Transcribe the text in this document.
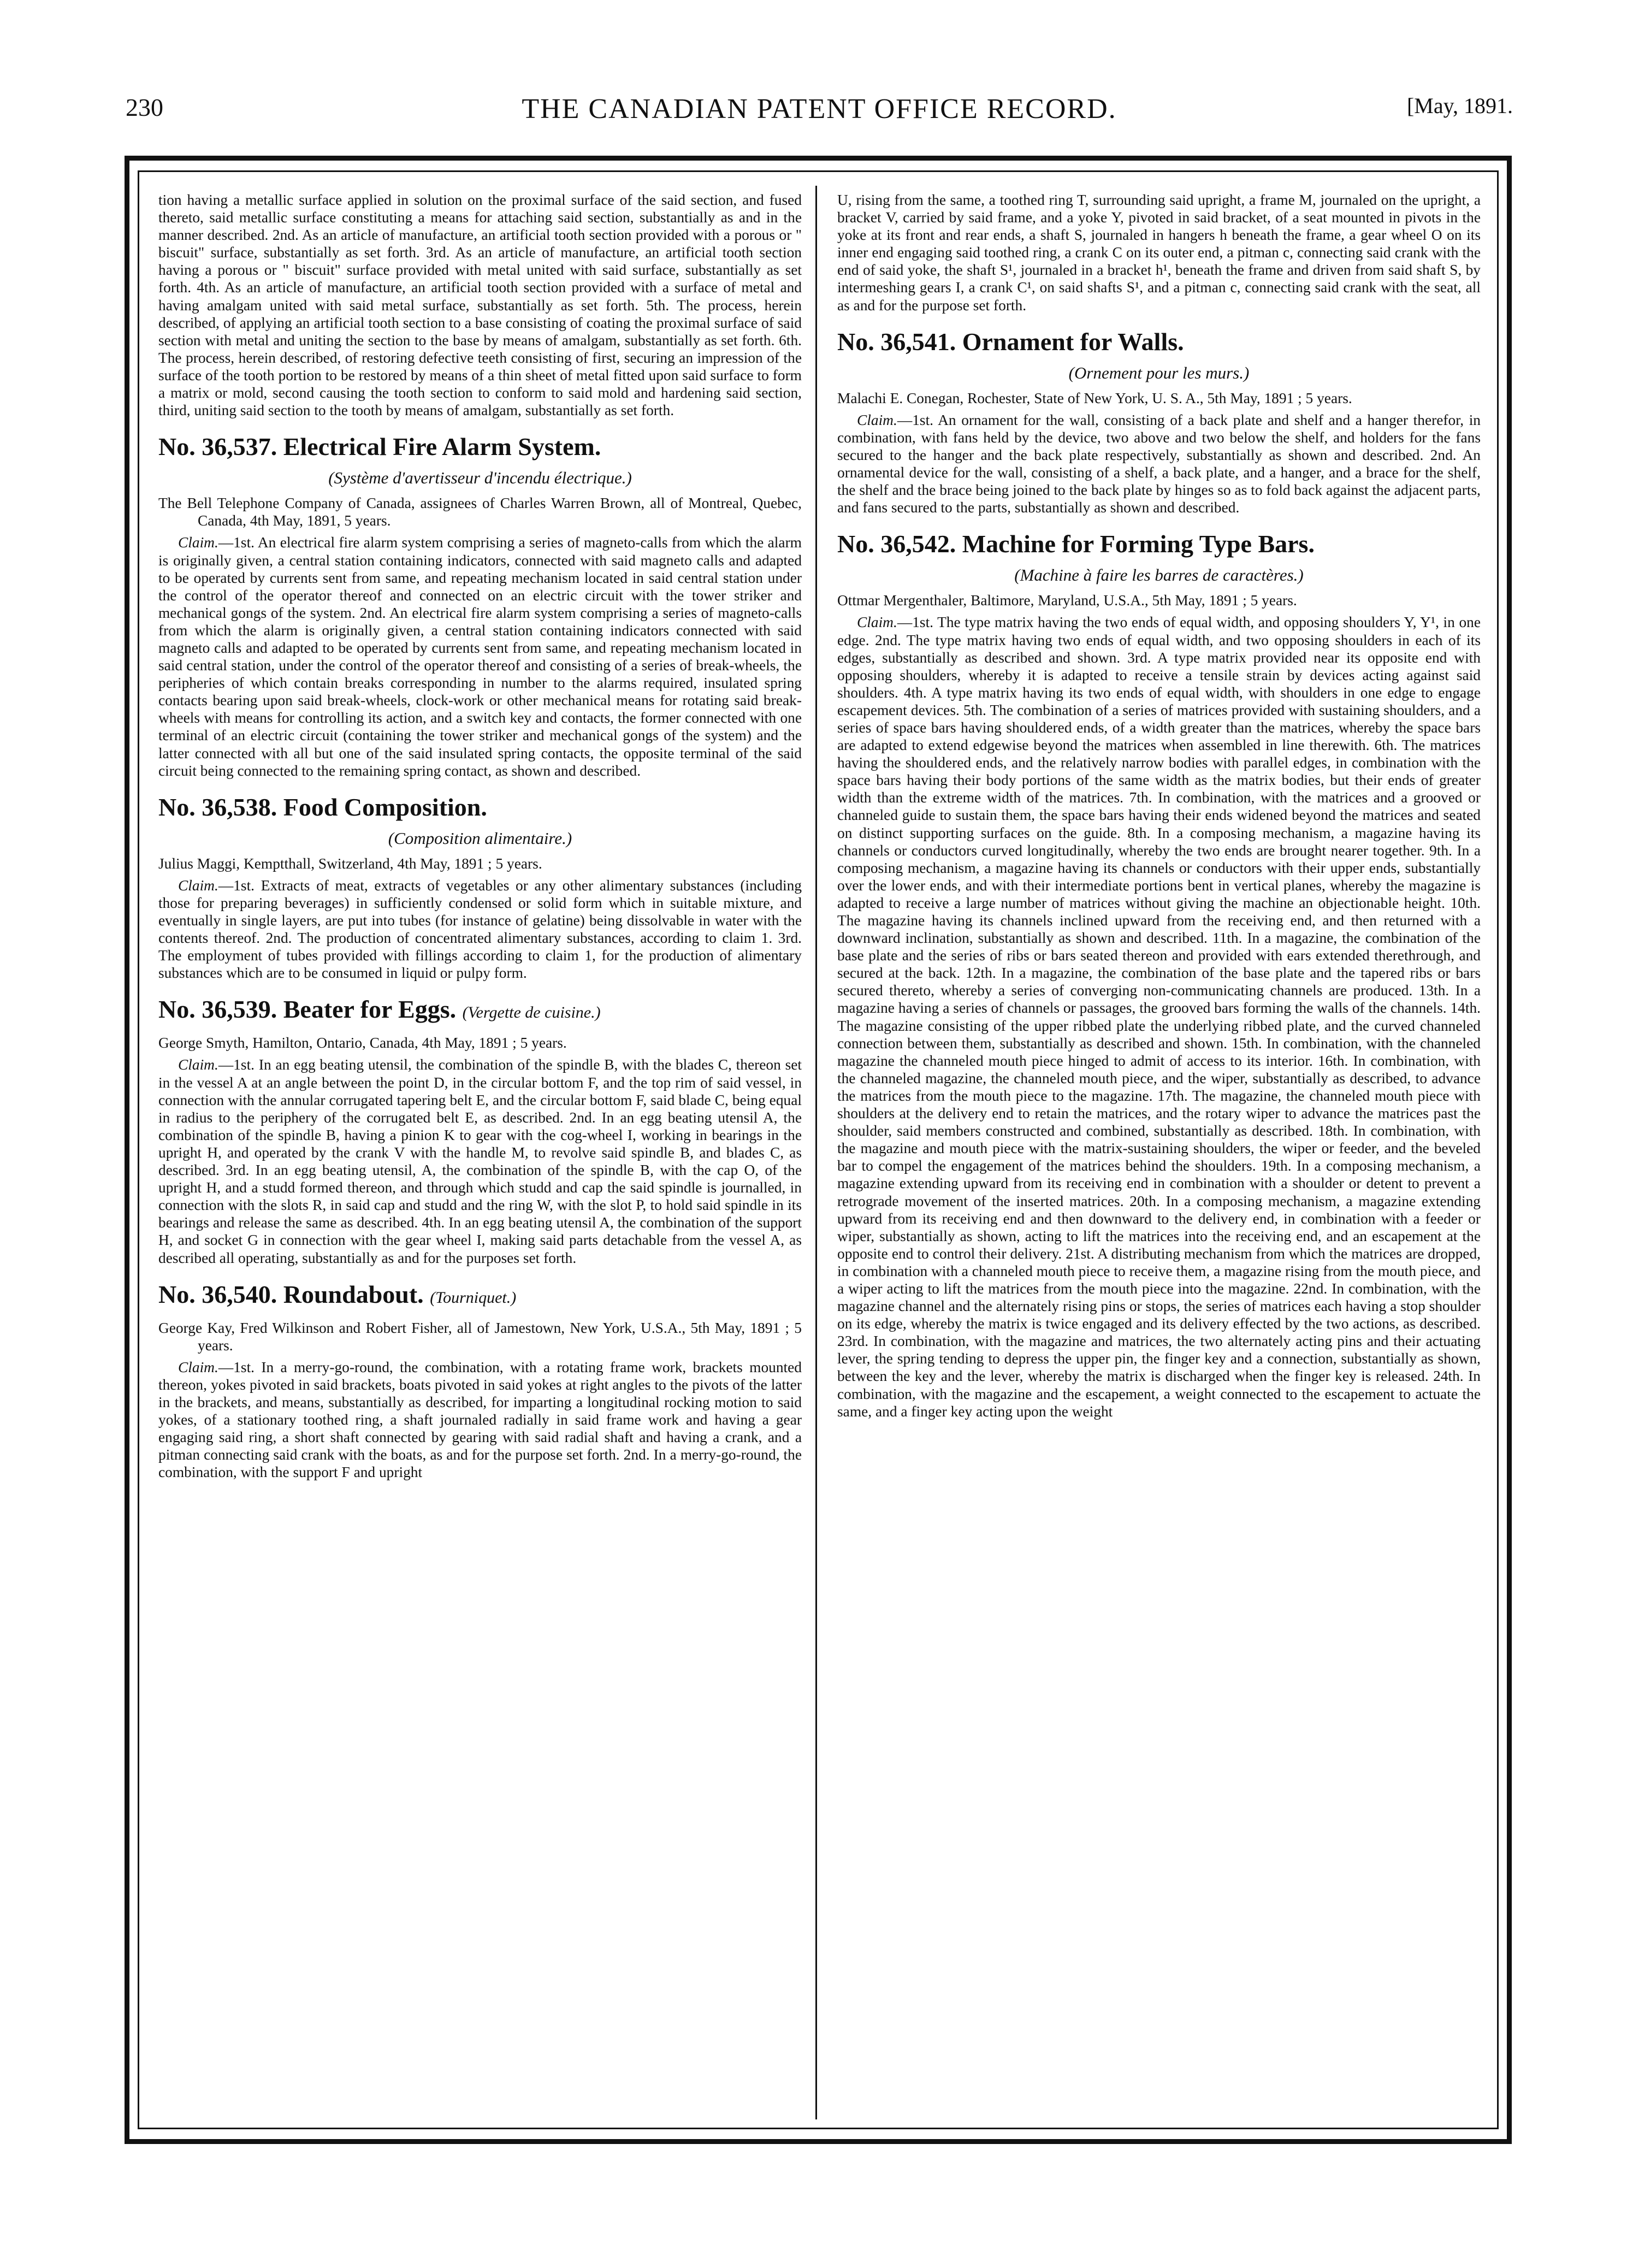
230	THE CANADIAN PATENT OFFICE RECORD.	[May, 1891.

tion having a metallic surface applied in solution on the proximal surface of the said section, and fused thereto, said metallic surface constituting a means for attaching said section, substantially as and in the manner described. 2nd. As an article of manufacture, an artificial tooth section provided with a porous or " biscuit" surface, substantially as set forth. 3rd. As an article of manufacture, an artificial tooth section having a porous or " biscuit" surface provided with metal united with said surface, substantially as set forth. 4th. As an article of manufacture, an artificial tooth section provided with a surface of metal and having amalgam united with said metal surface, substantially as set forth. 5th. The process, herein described, of applying an artificial tooth section to a base consisting of coating the proximal surface of said section with metal and uniting the section to the base by means of amalgam, substantially as set forth. 6th. The process, herein described, of restoring defective teeth consisting of first, securing an impression of the surface of the tooth portion to be restored by means of a thin sheet of metal fitted upon said surface to form a matrix or mold, second causing the tooth section to conform to said mold and hardening said section, third, uniting said section to the tooth by means of amalgam, substantially as set forth.

No. 36,537. Electrical Fire Alarm System.
(Système d'avertisseur d'incendu électrique.)

The Bell Telephone Company of Canada, assignees of Charles Warren Brown, all of Montreal, Quebec, Canada, 4th May, 1891, 5 years.

Claim.—1st. An electrical fire alarm system comprising a series of magneto-calls from which the alarm is originally given, a central station containing indicators, connected with said magneto calls and adapted to be operated by currents sent from same, and repeating mechanism located in said central station under the control of the operator thereof and connected on an electric circuit with the tower striker and mechanical gongs of the system. 2nd. An electrical fire alarm system comprising a series of magneto-calls from which the alarm is originally given, a central station containing indicators connected with said magneto calls and adapted to be operated by currents sent from same, and repeating mechanism located in said central station, under the control of the operator thereof and consisting of a series of break-wheels, the peripheries of which contain breaks corresponding in number to the alarms required, insulated spring contacts bearing upon said break-wheels, clock-work or other mechanical means for rotating said break-wheels with means for controlling its action, and a switch key and contacts, the former connected with one terminal of an electric circuit (containing the tower striker and mechanical gongs of the system) and the latter connected with all but one of the said insulated spring contacts, the opposite terminal of the said circuit being connected to the remaining spring contact, as shown and described.

No. 36,538. Food Composition.
(Composition alimentaire.)

Julius Maggi, Kemptthall, Switzerland, 4th May, 1891 ; 5 years.

Claim.—1st. Extracts of meat, extracts of vegetables or any other alimentary substances (including those for preparing beverages) in sufficiently condensed or solid form which in suitable mixture, and eventually in single layers, are put into tubes (for instance of gelatine) being dissolvable in water with the contents thereof. 2nd. The production of concentrated alimentary substances, according to claim 1. 3rd. The employment of tubes provided with fillings according to claim 1, for the production of alimentary substances which are to be consumed in liquid or pulpy form.

No. 36,539. Beater for Eggs. (Vergette de cuisine.)

George Smyth, Hamilton, Ontario, Canada, 4th May, 1891 ; 5 years.

Claim.—1st. In an egg beating utensil, the combination of the spindle B, with the blades C, thereon set in the vessel A at an angle between the point D, in the circular bottom F, and the top rim of said vessel, in connection with the annular corrugated tapering belt E, and the circular bottom F, said blade C, being equal in radius to the periphery of the corrugated belt E, as described. 2nd. In an egg beating utensil A, the combination of the spindle B, having a pinion K to gear with the cog-wheel I, working in bearings in the upright H, and operated by the crank V with the handle M, to revolve said spindle B, and blades C, as described. 3rd. In an egg beating utensil, A, the combination of the spindle B, with the cap O, of the upright H, and a studd formed thereon, and through which studd and cap the said spindle is journalled, in connection with the slots R, in said cap and studd and the ring W, with the slot P, to hold said spindle in its bearings and release the same as described. 4th. In an egg beating utensil A, the combination of the support H, and socket G in connection with the gear wheel I, making said parts detachable from the vessel A, as described all operating, substantially as and for the purposes set forth.

No. 36,540. Roundabout. (Tourniquet.)

George Kay, Fred Wilkinson and Robert Fisher, all of Jamestown, New York, U.S.A., 5th May, 1891 ; 5 years.

Claim.—1st. In a merry-go-round, the combination, with a rotating frame work, brackets mounted thereon, yokes pivoted in said brackets, boats pivoted in said yokes at right angles to the pivots of the latter in the brackets, and means, substantially as described, for imparting a longitudinal rocking motion to said yokes, of a stationary toothed ring, a shaft journaled radially in said frame work and having a gear engaging said ring, a short shaft connected by gearing with said radial shaft and having a crank, and a pitman connecting said crank with the boats, as and for the purpose set forth. 2nd. In a merry-go-round, the combination, with the support F and upright

U, rising from the same, a toothed ring T, surrounding said upright, a frame M, journaled on the upright, a bracket V, carried by said frame, and a yoke Y, pivoted in said bracket, of a seat mounted in pivots in the yoke at its front and rear ends, a shaft S, journaled in hangers h beneath the frame, a gear wheel O on its inner end engaging said toothed ring, a crank C on its outer end, a pitman c, connecting said crank with the end of said yoke, the shaft S¹, journaled in a bracket h¹, beneath the frame and driven from said shaft S, by intermeshing gears I, a crank C¹, on said shafts S¹, and a pitman c, connecting said crank with the seat, all as and for the purpose set forth.

No. 36,541. Ornament for Walls.
(Ornement pour les murs.)

Malachi E. Conegan, Rochester, State of New York, U. S. A., 5th May, 1891 ; 5 years.

Claim.—1st. An ornament for the wall, consisting of a back plate and shelf and a hanger therefor, in combination, with fans held by the device, two above and two below the shelf, and holders for the fans secured to the hanger and the back plate respectively, substantially as shown and described. 2nd. An ornamental device for the wall, consisting of a shelf, a back plate, and a hanger, and a brace for the shelf, the shelf and the brace being joined to the back plate by hinges so as to fold back against the adjacent parts, and fans secured to the parts, substantially as shown and described.

No. 36,542. Machine for Forming Type Bars.
(Machine à faire les barres de caractères.)

Ottmar Mergenthaler, Baltimore, Maryland, U.S.A., 5th May, 1891 ; 5 years.

Claim.—1st. The type matrix having the two ends of equal width, and opposing shoulders Y, Y¹, in one edge. 2nd. The type matrix having two ends of equal width, and two opposing shoulders in each of its edges, substantially as described and shown. 3rd. A type matrix provided near its opposite end with opposing shoulders, whereby it is adapted to receive a tensile strain by devices acting against said shoulders. 4th. A type matrix having its two ends of equal width, with shoulders in one edge to engage escapement devices. 5th. The combination of a series of matrices provided with sustaining shoulders, and a series of space bars having shouldered ends, of a width greater than the matrices, whereby the space bars are adapted to extend edgewise beyond the matrices when assembled in line therewith. 6th. The matrices having the shouldered ends, and the relatively narrow bodies with parallel edges, in combination with the space bars having their body portions of the same width as the matrix bodies, but their ends of greater width than the extreme width of the matrices. 7th. In combination, with the matrices and a grooved or channeled guide to sustain them, the space bars having their ends widened beyond the matrices and seated on distinct supporting surfaces on the guide. 8th. In a composing mechanism, a magazine having its channels or conductors curved longitudinally, whereby the two ends are brought nearer together. 9th. In a composing mechanism, a magazine having its channels or conductors with their upper ends, substantially over the lower ends, and with their intermediate portions bent in vertical planes, whereby the magazine is adapted to receive a large number of matrices without giving the machine an objectionable height. 10th. The magazine having its channels inclined upward from the receiving end, and then returned with a downward inclination, substantially as shown and described. 11th. In a magazine, the combination of the base plate and the series of ribs or bars seated thereon and provided with ears extended therethrough, and secured at the back. 12th. In a magazine, the combination of the base plate and the tapered ribs or bars secured thereto, whereby a series of converging non-communicating channels are produced. 13th. In a magazine having a series of channels or passages, the grooved bars forming the walls of the channels. 14th. The magazine consisting of the upper ribbed plate the underlying ribbed plate, and the curved channeled connection between them, substantially as described and shown. 15th. In combination, with the channeled magazine the channeled mouth piece hinged to admit of access to its interior. 16th. In combination, with the channeled magazine, the channeled mouth piece, and the wiper, substantially as described, to advance the matrices from the mouth piece to the magazine. 17th. The magazine, the channeled mouth piece with shoulders at the delivery end to retain the matrices, and the rotary wiper to advance the matrices past the shoulder, said members constructed and combined, substantially as described. 18th. In combination, with the magazine and mouth piece with the matrix-sustaining shoulders, the wiper or feeder, and the beveled bar to compel the engagement of the matrices behind the shoulders. 19th. In a composing mechanism, a magazine extending upward from its receiving end in combination with a shoulder or detent to prevent a retrograde movement of the inserted matrices. 20th. In a composing mechanism, a magazine extending upward from its receiving end and then downward to the delivery end, in combination with a feeder or wiper, substantially as shown, acting to lift the matrices into the receiving end, and an escapement at the opposite end to control their delivery. 21st. A distributing mechanism from which the matrices are dropped, in combination with a channeled mouth piece to receive them, a magazine rising from the mouth piece, and a wiper acting to lift the matrices from the mouth piece into the magazine. 22nd. In combination, with the magazine channel and the alternately rising pins or stops, the series of matrices each having a stop shoulder on its edge, whereby the matrix is twice engaged and its delivery effected by the two actions, as described. 23rd. In combination, with the magazine and matrices, the two alternately acting pins and their actuating lever, the spring tending to depress the upper pin, the finger key and a connection, substantially as shown, between the key and the lever, whereby the matrix is discharged when the finger key is released. 24th. In combination, with the magazine and the escapement, a weight connected to the escapement to actuate the same, and a finger key acting upon the weight
